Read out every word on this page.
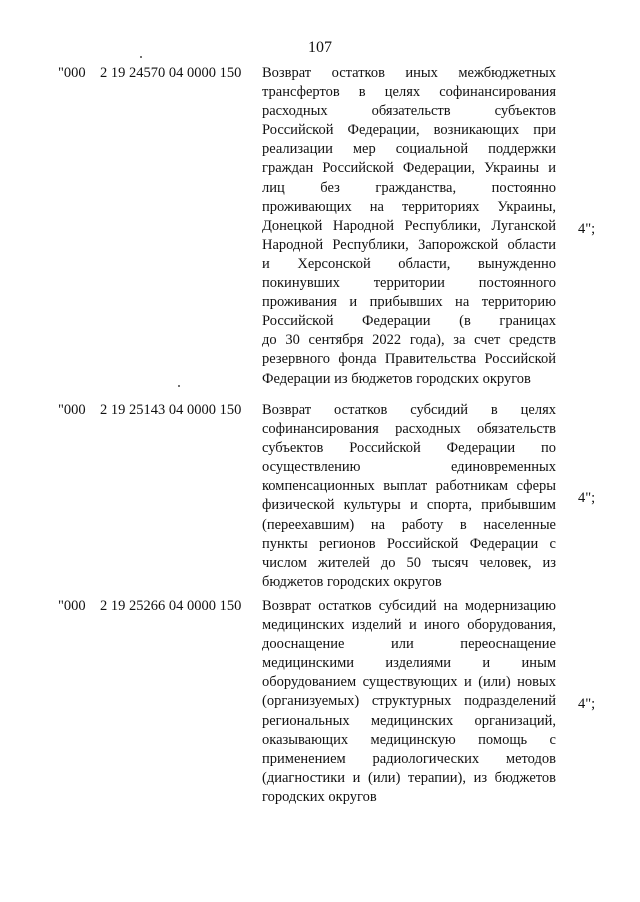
107
"000 2 19 24570 04 0000 150 Возврат остатков иных межбюджетных
трансфертов в целях софинансирования
расходных обязательств субъектов
Российской Федерации, возникающих при
реализации мер социальной поддержки
граждан Российской Федерации, Украины и
лиц без гражданства, постоянно
проживающих на территориях Украины,
Донецкой Народной Республики, Луганской
Народной Республики, Запорожской области
и Херсонской области, вынужденно
покинувших территории постоянного
проживания и прибывших на территорию
Российской Федерации (в границах
до 30 сентября 2022 года), за счет средств
резервного фонда Правительства Российской
Федерации из бюджетов городских округов
4";
"000 2 19 25143 04 0000 150 Возврат остатков субсидий в целях
софинансирования расходных обязательств
субъектов Российской Федерации по
осуществлению единовременных
компенсационных выплат работникам сферы
физической культуры и спорта, прибывшим
(переехавшим) на работу в населенные
пункты регионов Российской Федерации с
числом жителей до 50 тысяч человек, из
бюджетов городских округов
4";
"000 2 19 25266 04 0000 150 Возврат остатков субсидий на модернизацию
медицинских изделий и иного оборудования,
дооснащение или переоснащение
медицинскими изделиями и иным
оборудованием существующих и (или) новых
(организуемых) структурных подразделений
региональных медицинских организаций,
оказывающих медицинскую помощь с
применением радиологических методов
(диагностики и (или) терапии), из бюджетов
городских округов
4";
